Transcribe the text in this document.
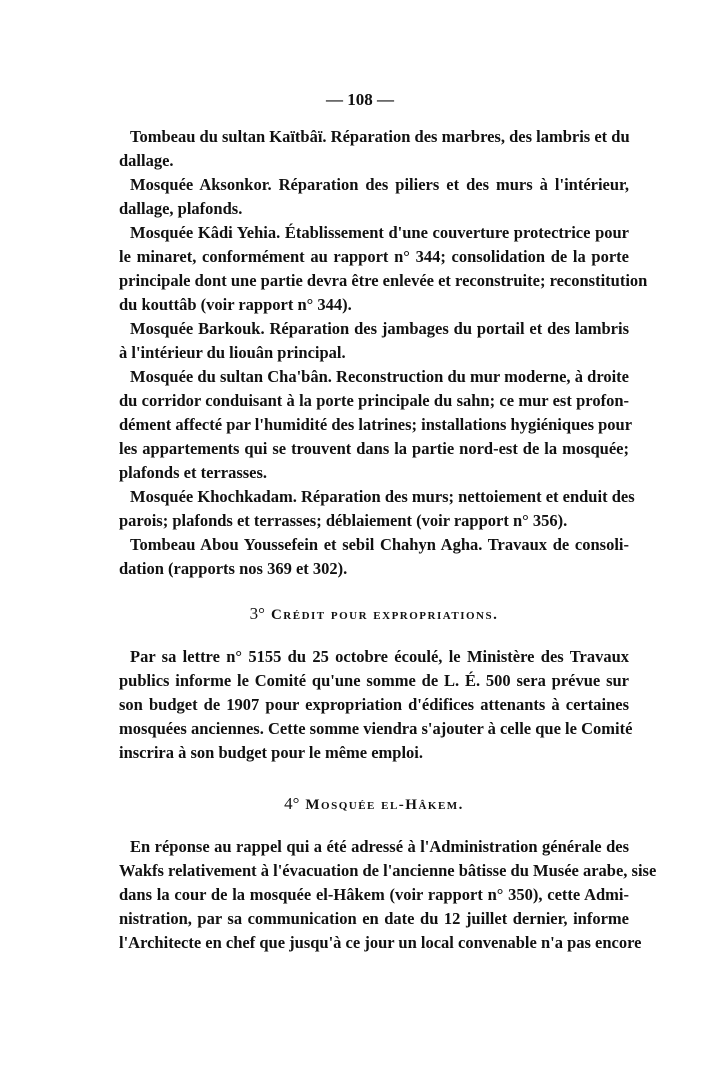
— 108 —
Tombeau du sultan Kaïtbâï. Réparation des marbres, des lambris et du
dallage.
Mosquée Aksonkor. Réparation des piliers et des murs à l'intérieur,
dallage, plafonds.
Mosquée Kâdi Yehia. Établissement d'une couverture protectrice pour
le minaret, conformément au rapport n° 344; consolidation de la porte
principale dont une partie devra être enlevée et reconstruite; reconstitution
du kouttâb (voir rapport n° 344).
Mosquée Barkouk. Réparation des jambages du portail et des lambris
à l'intérieur du liouân principal.
Mosquée du sultan Cha'bân. Reconstruction du mur moderne, à droite
du corridor conduisant à la porte principale du sahn; ce mur est profon-
dément affecté par l'humidité des latrines; installations hygiéniques pour
les appartements qui se trouvent dans la partie nord-est de la mosquée;
plafonds et terrasses.
Mosquée Khochkadam. Réparation des murs; nettoiement et enduit des
parois; plafonds et terrasses; déblaiement (voir rapport n° 356).
Tombeau Abou Youssefein et sebil Chahyn Agha. Travaux de consoli-
dation (rapports nos 369 et 302).
3° Crédit pour expropriations.
Par sa lettre n° 5155 du 25 octobre écoulé, le Ministère des Travaux
publics informe le Comité qu'une somme de L. É. 500 sera prévue sur
son budget de 1907 pour expropriation d'édifices attenants à certaines
mosquées anciennes. Cette somme viendra s'ajouter à celle que le Comité
inscrira à son budget pour le même emploi.
4° Mosquée el-Hâkem.
En réponse au rappel qui a été adressé à l'Administration générale des
Wakfs relativement à l'évacuation de l'ancienne bâtisse du Musée arabe, sise
dans la cour de la mosquée el-Hâkem (voir rapport n° 350), cette Admi-
nistration, par sa communication en date du 12 juillet dernier, informe
l'Architecte en chef que jusqu'à ce jour un local convenable n'a pas encore
